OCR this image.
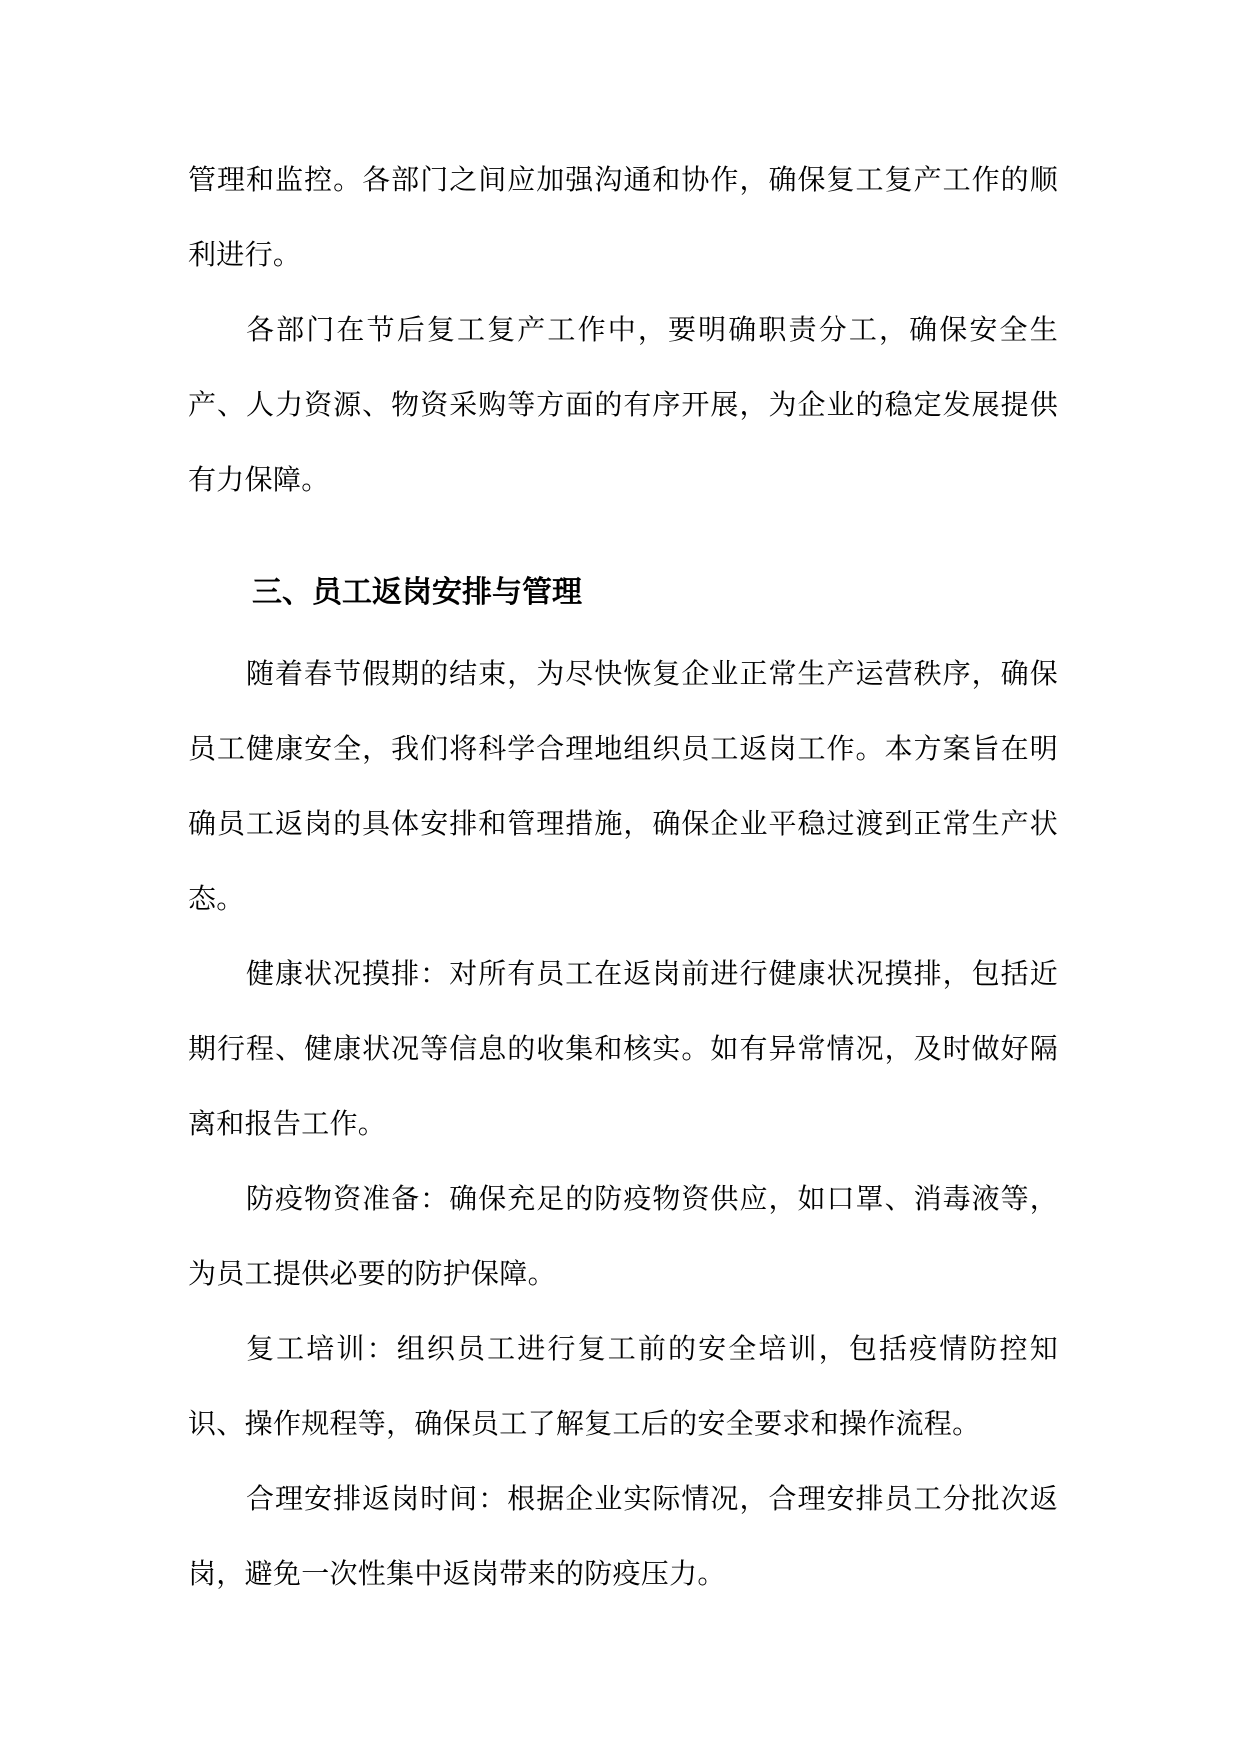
管理和监控。各部门之间应加强沟通和协作，确保复工复产工作的顺利进行。

各部门在节后复工复产工作中，要明确职责分工，确保安全生产、人力资源、物资采购等方面的有序开展，为企业的稳定发展提供有力保障。

三、员工返岗安排与管理

随着春节假期的结束，为尽快恢复企业正常生产运营秩序，确保员工健康安全，我们将科学合理地组织员工返岗工作。本方案旨在明确员工返岗的具体安排和管理措施，确保企业平稳过渡到正常生产状态。

健康状况摸排：对所有员工在返岗前进行健康状况摸排，包括近期行程、健康状况等信息的收集和核实。如有异常情况，及时做好隔离和报告工作。

防疫物资准备：确保充足的防疫物资供应，如口罩、消毒液等，为员工提供必要的防护保障。

复工培训：组织员工进行复工前的安全培训，包括疫情防控知识、操作规程等，确保员工了解复工后的安全要求和操作流程。

合理安排返岗时间：根据企业实际情况，合理安排员工分批次返岗，避免一次性集中返岗带来的防疫压力。
